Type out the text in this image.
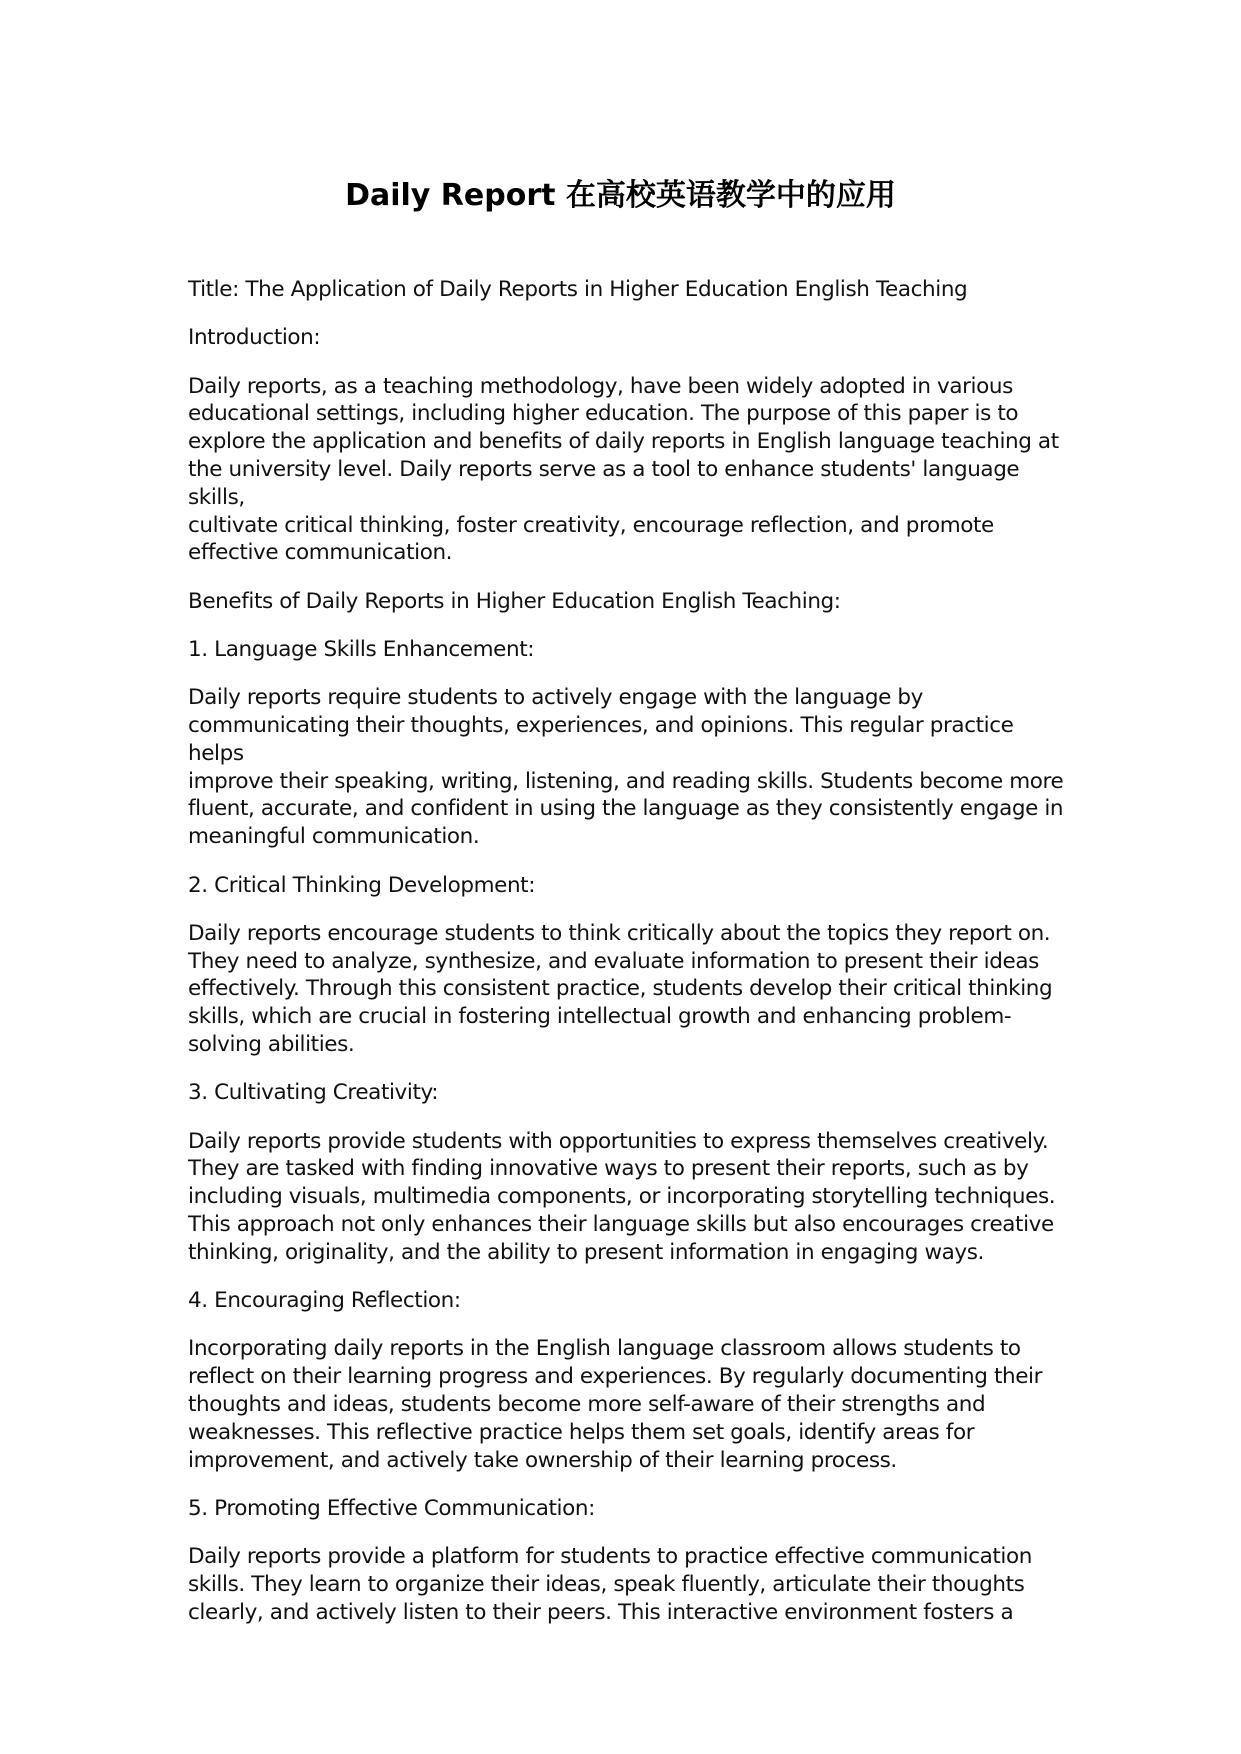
Daily Report 在高校英语教学中的应用

Title: The Application of Daily Reports in Higher Education English Teaching

Introduction:

Daily reports, as a teaching methodology, have been widely adopted in various
educational settings, including higher education. The purpose of this paper is to
explore the application and benefits of daily reports in English language teaching at
the university level. Daily reports serve as a tool to enhance students' language skills,
cultivate critical thinking, foster creativity, encourage reflection, and promote
effective communication.

Benefits of Daily Reports in Higher Education English Teaching:

1. Language Skills Enhancement:

Daily reports require students to actively engage with the language by
communicating their thoughts, experiences, and opinions. This regular practice helps
improve their speaking, writing, listening, and reading skills. Students become more
fluent, accurate, and confident in using the language as they consistently engage in
meaningful communication.

2. Critical Thinking Development:

Daily reports encourage students to think critically about the topics they report on.
They need to analyze, synthesize, and evaluate information to present their ideas
effectively. Through this consistent practice, students develop their critical thinking
skills, which are crucial in fostering intellectual growth and enhancing problem-
solving abilities.

3. Cultivating Creativity:

Daily reports provide students with opportunities to express themselves creatively.
They are tasked with finding innovative ways to present their reports, such as by
including visuals, multimedia components, or incorporating storytelling techniques.
This approach not only enhances their language skills but also encourages creative
thinking, originality, and the ability to present information in engaging ways.

4. Encouraging Reflection:

Incorporating daily reports in the English language classroom allows students to
reflect on their learning progress and experiences. By regularly documenting their
thoughts and ideas, students become more self-aware of their strengths and
weaknesses. This reflective practice helps them set goals, identify areas for
improvement, and actively take ownership of their learning process.

5. Promoting Effective Communication:

Daily reports provide a platform for students to practice effective communication
skills. They learn to organize their ideas, speak fluently, articulate their thoughts
clearly, and actively listen to their peers. This interactive environment fosters a
